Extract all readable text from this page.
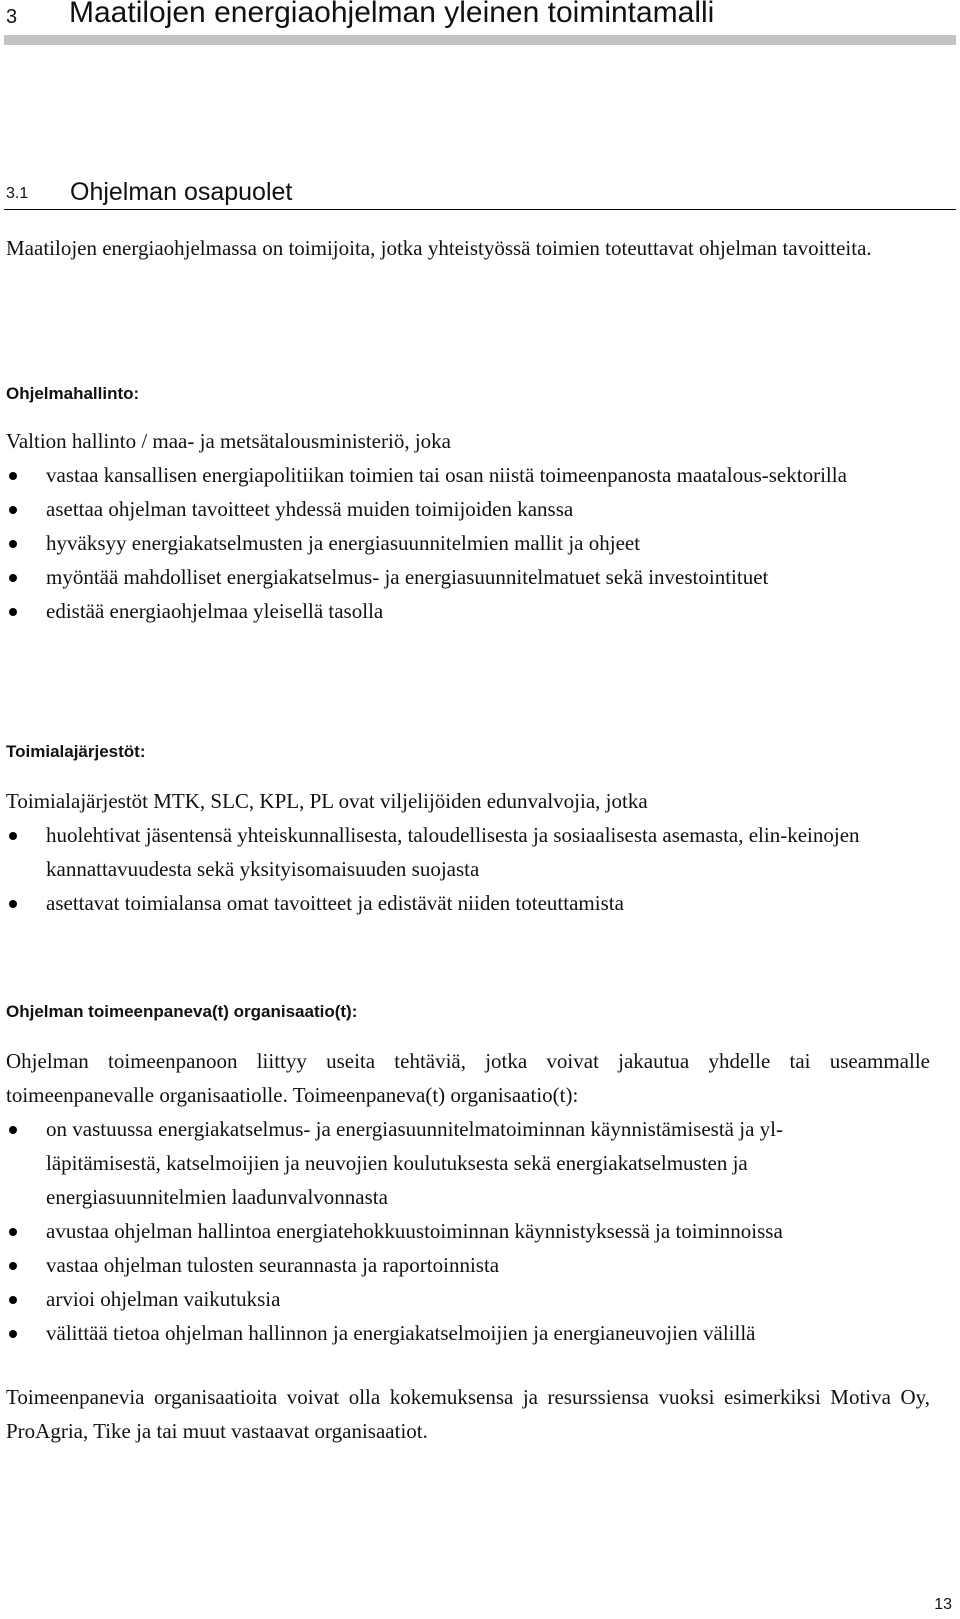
3 Maatilojen energiaohjelman yleinen toimintamalli
3.1 Ohjelman osapuolet

Maatilojen energiaohjelmassa on toimijoita, jotka yhteistyössä toimien toteuttavat ohjelman tavoitteita.

Ohjelmahallinto:

Valtion hallinto / maa- ja metsätalousministeriö, joka

vastaa kansallisen energiapolitiikan toimien tai osan niistä toimeenpanosta maatalous-sektorilla
asettaa ohjelman tavoitteet yhdessä muiden toimijoiden kanssa
hyväksyy energiakatselmusten ja energiasuunnitelmien mallit ja ohjeet
myöntää mahdolliset energiakatselmus- ja energiasuunnitelmatuet sekä investointituet
edistää energiaohjelmaa yleisellä tasolla
Toimialajärjestöt:

Toimialajärjestöt MTK, SLC, KPL, PL ovat viljelijöiden edunvalvojia, jotka

huolehtivat jäsentensä yhteiskunnallisesta, taloudellisesta ja sosiaalisesta asemasta, elin-keinojen kannattavuudesta sekä yksityisomaisuuden suojasta
asettavat toimialansa omat tavoitteet ja edistävät niiden toteuttamista
Ohjelman toimeenpaneva(t) organisaatio(t):

Ohjelman toimeenpanoon liittyy useita tehtäviä, jotka voivat jakautua yhdelle tai useammalle toimeenpanevalle organisaatiolle. Toimeenpaneva(t) organisaatio(t):

on vastuussa energiakatselmus- ja energiasuunnitelmatoiminnan käynnistämisestä ja yl-läpitämisestä, katselmoijien ja neuvojien koulutuksesta sekä energiakatselmusten ja energiasuunnitelmien laadunvalvonnasta
avustaa ohjelman hallintoa energiatehokkuustoiminnan käynnistyksessä ja toiminnoissa
vastaa ohjelman tulosten seurannasta ja raportoinnista
arvioi ohjelman vaikutuksia
välittää tietoa ohjelman hallinnon ja energiakatselmoijien ja energianeuvojien välillä

Toimeenpanevia organisaatioita voivat olla kokemuksensa ja resurssiensa vuoksi esimerkiksi Motiva Oy, ProAgria, Tike ja tai muut vastaavat organisaatiot.

13
